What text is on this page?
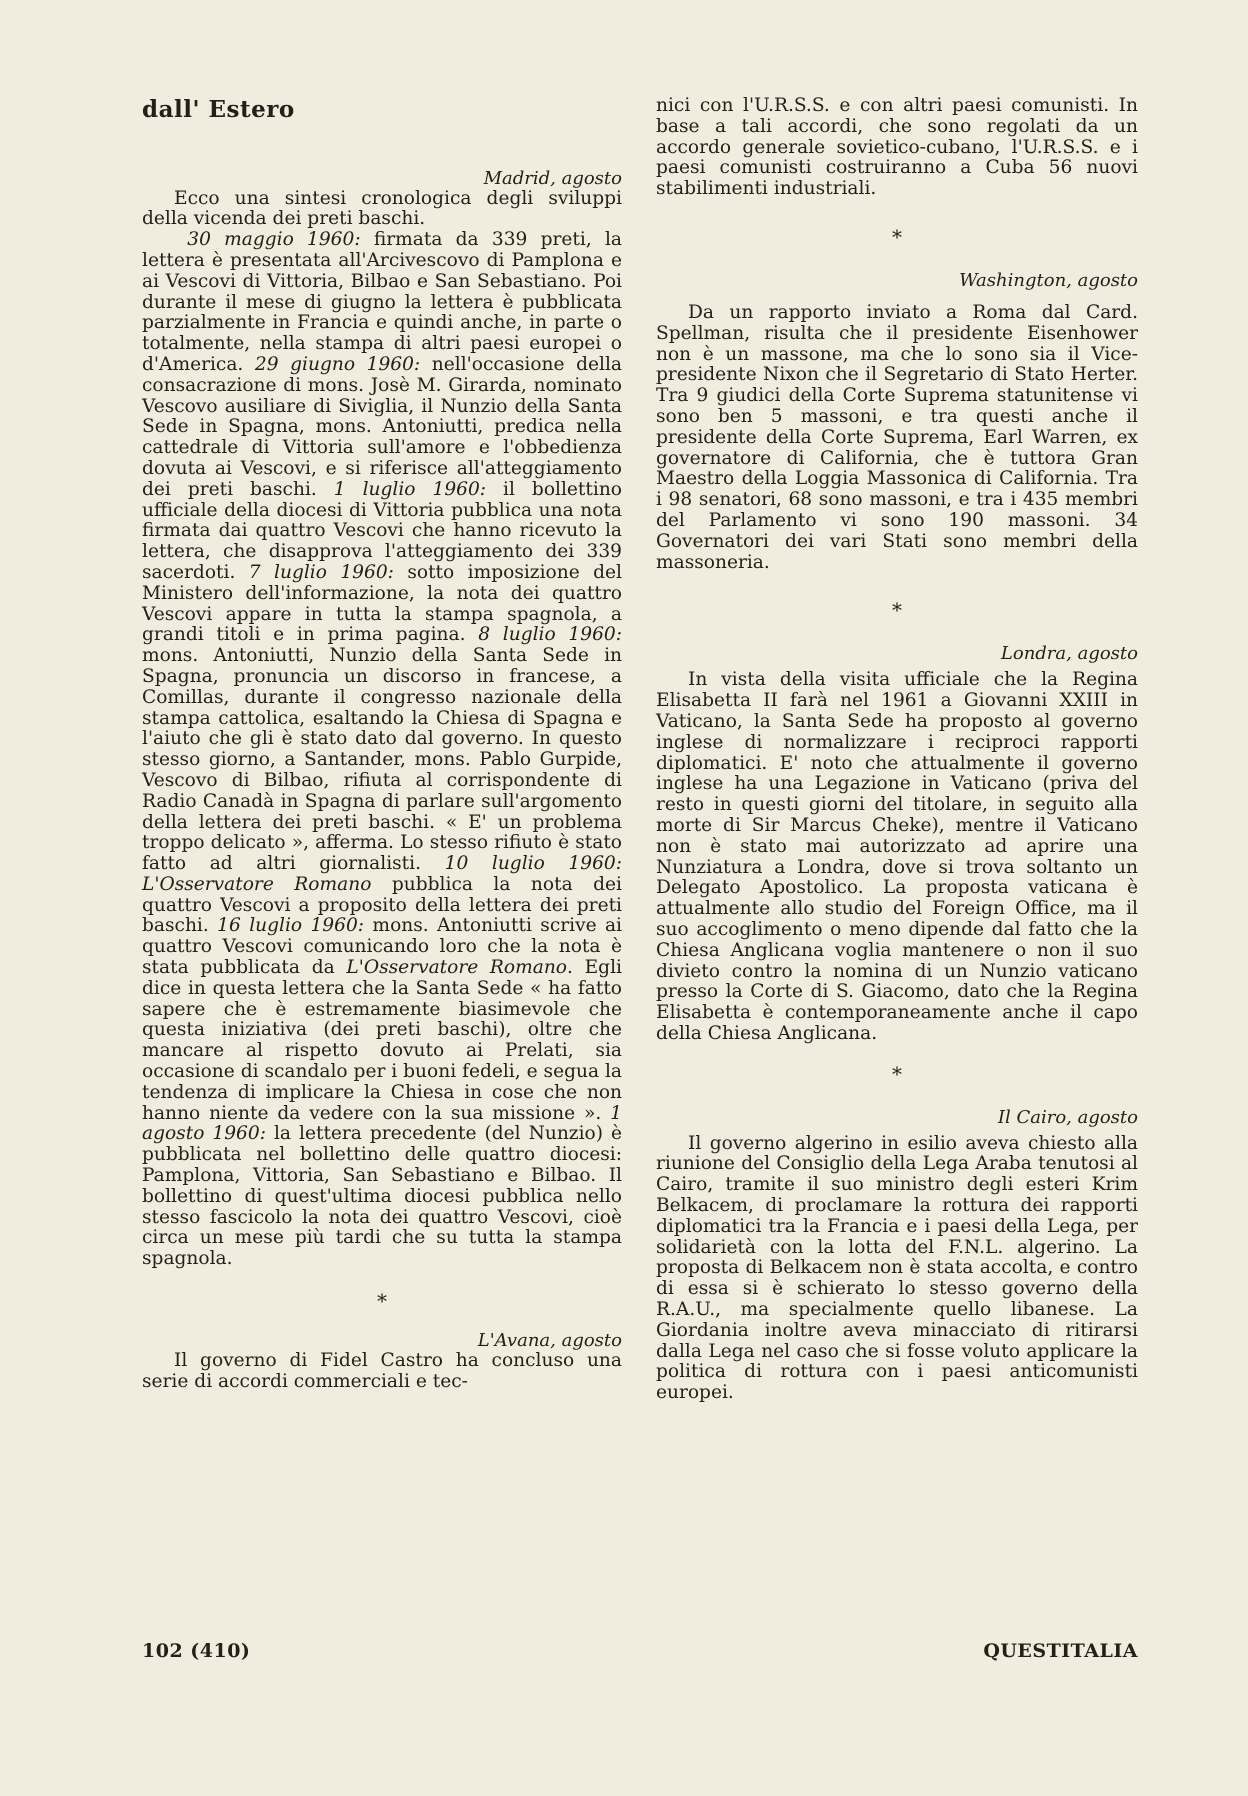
dall' Estero

Madrid, agosto

Ecco una sintesi cronologica degli sviluppi della vicenda dei preti baschi.
30 maggio 1960: firmata da 339 preti, la lettera è presentata all'Arcivescovo di Pamplona e ai Vescovi di Vittoria, Bilbao e San Sebastiano. Poi durante il mese di giugno la lettera è pubblicata parzialmente in Francia e quindi anche, in parte o totalmente, nella stampa di altri paesi europei o d'America. 29 giugno 1960: nell'occasione della consacrazione di mons. Josè M. Girarda, nominato Vescovo ausiliare di Siviglia, il Nunzio della Santa Sede in Spagna, mons. Antoniutti, predica nella cattedrale di Vittoria sull'amore e l'obbedienza dovuta ai Vescovi, e si riferisce all'atteggiamento dei preti baschi. 1 luglio 1960: il bollettino ufficiale della diocesi di Vittoria pubblica una nota firmata dai quattro Vescovi che hanno ricevuto la lettera, che disapprova l'atteggiamento dei 339 sacerdoti. 7 luglio 1960: sotto imposizione del Ministero dell'informazione, la nota dei quattro Vescovi appare in tutta la stampa spagnola, a grandi titoli e in prima pagina. 8 luglio 1960: mons. Antoniutti, Nunzio della Santa Sede in Spagna, pronuncia un discorso in francese, a Comillas, durante il congresso nazionale della stampa cattolica, esaltando la Chiesa di Spagna e l'aiuto che gli è stato dato dal governo. In questo stesso giorno, a Santander, mons. Pablo Gurpide, Vescovo di Bilbao, rifiuta al corrispondente di Radio Canadà in Spagna di parlare sull'argomento della lettera dei preti baschi. « E' un problema troppo delicato », afferma. Lo stesso rifiuto è stato fatto ad altri giornalisti. 10 luglio 1960: L'Osservatore Romano pubblica la nota dei quattro Vescovi a proposito della lettera dei preti baschi. 16 luglio 1960: mons. Antoniutti scrive ai quattro Vescovi comunicando loro che la nota è stata pubblicata da L'Osservatore Romano. Egli dice in questa lettera che la Santa Sede « ha fatto sapere che è estremamente biasimevole che questa iniziativa (dei preti baschi), oltre che mancare al rispetto dovuto ai Prelati, sia occasione di scandalo per i buoni fedeli, e segua la tendenza di implicare la Chiesa in cose che non hanno niente da vedere con la sua missione ». 1 agosto 1960: la lettera precedente (del Nunzio) è pubblicata nel bollettino delle quattro diocesi: Pamplona, Vittoria, San Sebastiano e Bilbao. Il bollettino di quest'ultima diocesi pubblica nello stesso fascicolo la nota dei quattro Vescovi, cioè circa un mese più tardi che su tutta la stampa spagnola.

*

L'Avana, agosto

Il governo di Fidel Castro ha concluso una serie di accordi commerciali e tec-

nici con l'U.R.S.S. e con altri paesi comunisti. In base a tali accordi, che sono regolati da un accordo generale sovietico-cubano, l'U.R.S.S. e i paesi comunisti costruiranno a Cuba 56 nuovi stabilimenti industriali.

*

Washington, agosto

Da un rapporto inviato a Roma dal Card. Spellman, risulta che il presidente Eisenhower non è un massone, ma che lo sono sia il Vice-presidente Nixon che il Segretario di Stato Herter. Tra 9 giudici della Corte Suprema statunitense vi sono ben 5 massoni, e tra questi anche il presidente della Corte Suprema, Earl Warren, ex governatore di California, che è tuttora Gran Maestro della Loggia Massonica di California. Tra i 98 senatori, 68 sono massoni, e tra i 435 membri del Parlamento vi sono 190 massoni. 34 Governatori dei vari Stati sono membri della massoneria.

*

Londra, agosto

In vista della visita ufficiale che la Regina Elisabetta II farà nel 1961 a Giovanni XXIII in Vaticano, la Santa Sede ha proposto al governo inglese di normalizzare i reciproci rapporti diplomatici. E' noto che attualmente il governo inglese ha una Legazione in Vaticano (priva del resto in questi giorni del titolare, in seguito alla morte di Sir Marcus Cheke), mentre il Vaticano non è stato mai autorizzato ad aprire una Nunziatura a Londra, dove si trova soltanto un Delegato Apostolico. La proposta vaticana è attualmente allo studio del Foreign Office, ma il suo accoglimento o meno dipende dal fatto che la Chiesa Anglicana voglia mantenere o non il suo divieto contro la nomina di un Nunzio vaticano presso la Corte di S. Giacomo, dato che la Regina Elisabetta è contemporaneamente anche il capo della Chiesa Anglicana.

*

Il Cairo, agosto

Il governo algerino in esilio aveva chiesto alla riunione del Consiglio della Lega Araba tenutosi al Cairo, tramite il suo ministro degli esteri Krim Belkacem, di proclamare la rottura dei rapporti diplomatici tra la Francia e i paesi della Lega, per solidarietà con la lotta del F.N.L. algerino. La proposta di Belkacem non è stata accolta, e contro di essa si è schierato lo stesso governo della R.A.U., ma specialmente quello libanese. La Giordania inoltre aveva minacciato di ritirarsi dalla Lega nel caso che si fosse voluto applicare la politica di rottura con i paesi anticomunisti europei.

102 (410)	QUESTITALIA
